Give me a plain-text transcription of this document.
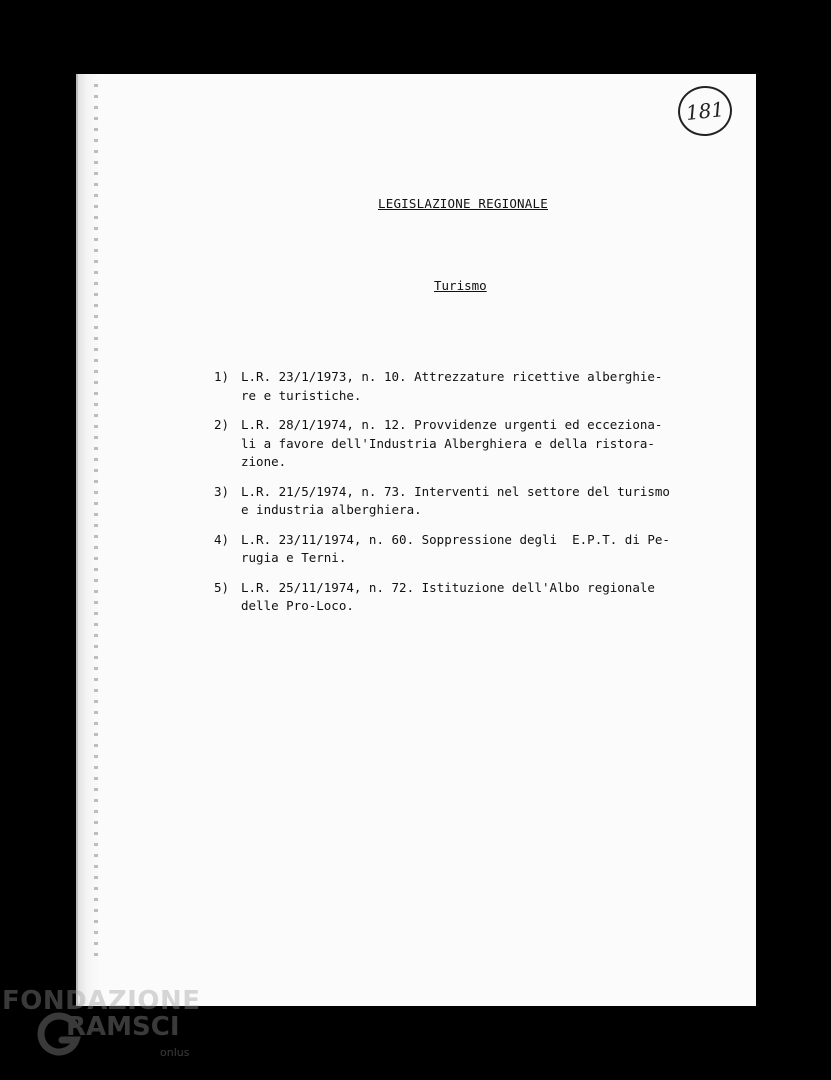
181
LEGISLAZIONE REGIONALE
Turismo
1) L.R. 23/1/1973, n. 10. Attrezzature ricettive alberghie-
re e turistiche.
2) L.R. 28/1/1974, n. 12. Provvidenze urgenti ed eccezionа-
li a favore dell'Industria Alberghiera e della ristora-
zione.
3) L.R. 21/5/1974, n. 73. Interventi nel settore del turismo
e industria alberghiera.
4) L.R. 23/11/1974, n. 60. Soppressione degli  E.P.T. di Pe-
rugia e Terni.
5) L.R. 25/11/1974, n. 72. Istituzione dell'Albo regionale
delle Pro-Loco.
FONDAZIONE
RAMSCI
onlus
